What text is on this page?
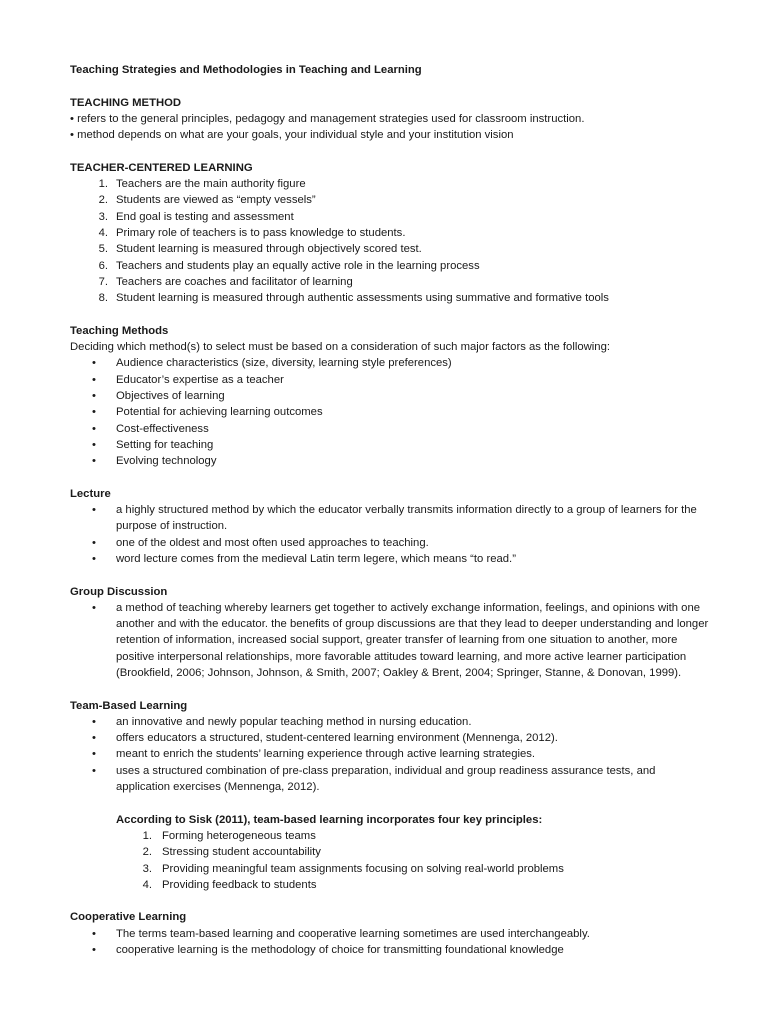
Teaching Strategies and Methodologies in Teaching and Learning
TEACHING METHOD
• refers to the general principles, pedagogy and management strategies used for classroom instruction.
• method depends on what are your goals, your individual style and your institution vision
TEACHER-CENTERED LEARNING
1. Teachers are the main authority figure
2. Students are viewed as “empty vessels”
3. End goal is testing and assessment
4. Primary role of teachers is to pass knowledge to students.
5. Student learning is measured through objectively scored test.
6. Teachers and students play an equally active role in the learning process
7. Teachers are coaches and facilitator of learning
8. Student learning is measured through authentic assessments using summative and formative tools
Teaching Methods
Deciding which method(s) to select must be based on a consideration of such major factors as the following:
• Audience characteristics (size, diversity, learning style preferences)
• Educator’s expertise as a teacher
• Objectives of learning
• Potential for achieving learning outcomes
• Cost-effectiveness
• Setting for teaching
• Evolving technology
Lecture
• a highly structured method by which the educator verbally transmits information directly to a group of learners for the purpose of instruction.
• one of the oldest and most often used approaches to teaching.
• word lecture comes from the medieval Latin term legere, which means “to read.”
Group Discussion
• a method of teaching whereby learners get together to actively exchange information, feelings, and opinions with one another and with the educator. the benefits of group discussions are that they lead to deeper understanding and longer retention of information, increased social support, greater transfer of learning from one situation to another, more positive interpersonal relationships, more favorable attitudes toward learning, and more active learner participation (Brookfield, 2006; Johnson, Johnson, & Smith, 2007; Oakley & Brent, 2004; Springer, Stanne, & Donovan, 1999).
Team-Based Learning
• an innovative and newly popular teaching method in nursing education.
• offers educators a structured, student-centered learning environment (Mennenga, 2012).
• meant to enrich the students’ learning experience through active learning strategies.
• uses a structured combination of pre-class preparation, individual and group readiness assurance tests, and application exercises (Mennenga, 2012).
According to Sisk (2011), team-based learning incorporates four key principles:
1. Forming heterogeneous teams
2. Stressing student accountability
3. Providing meaningful team assignments focusing on solving real-world problems
4. Providing feedback to students
Cooperative Learning
• The terms team-based learning and cooperative learning sometimes are used interchangeably.
• cooperative learning is the methodology of choice for transmitting foundational knowledge
